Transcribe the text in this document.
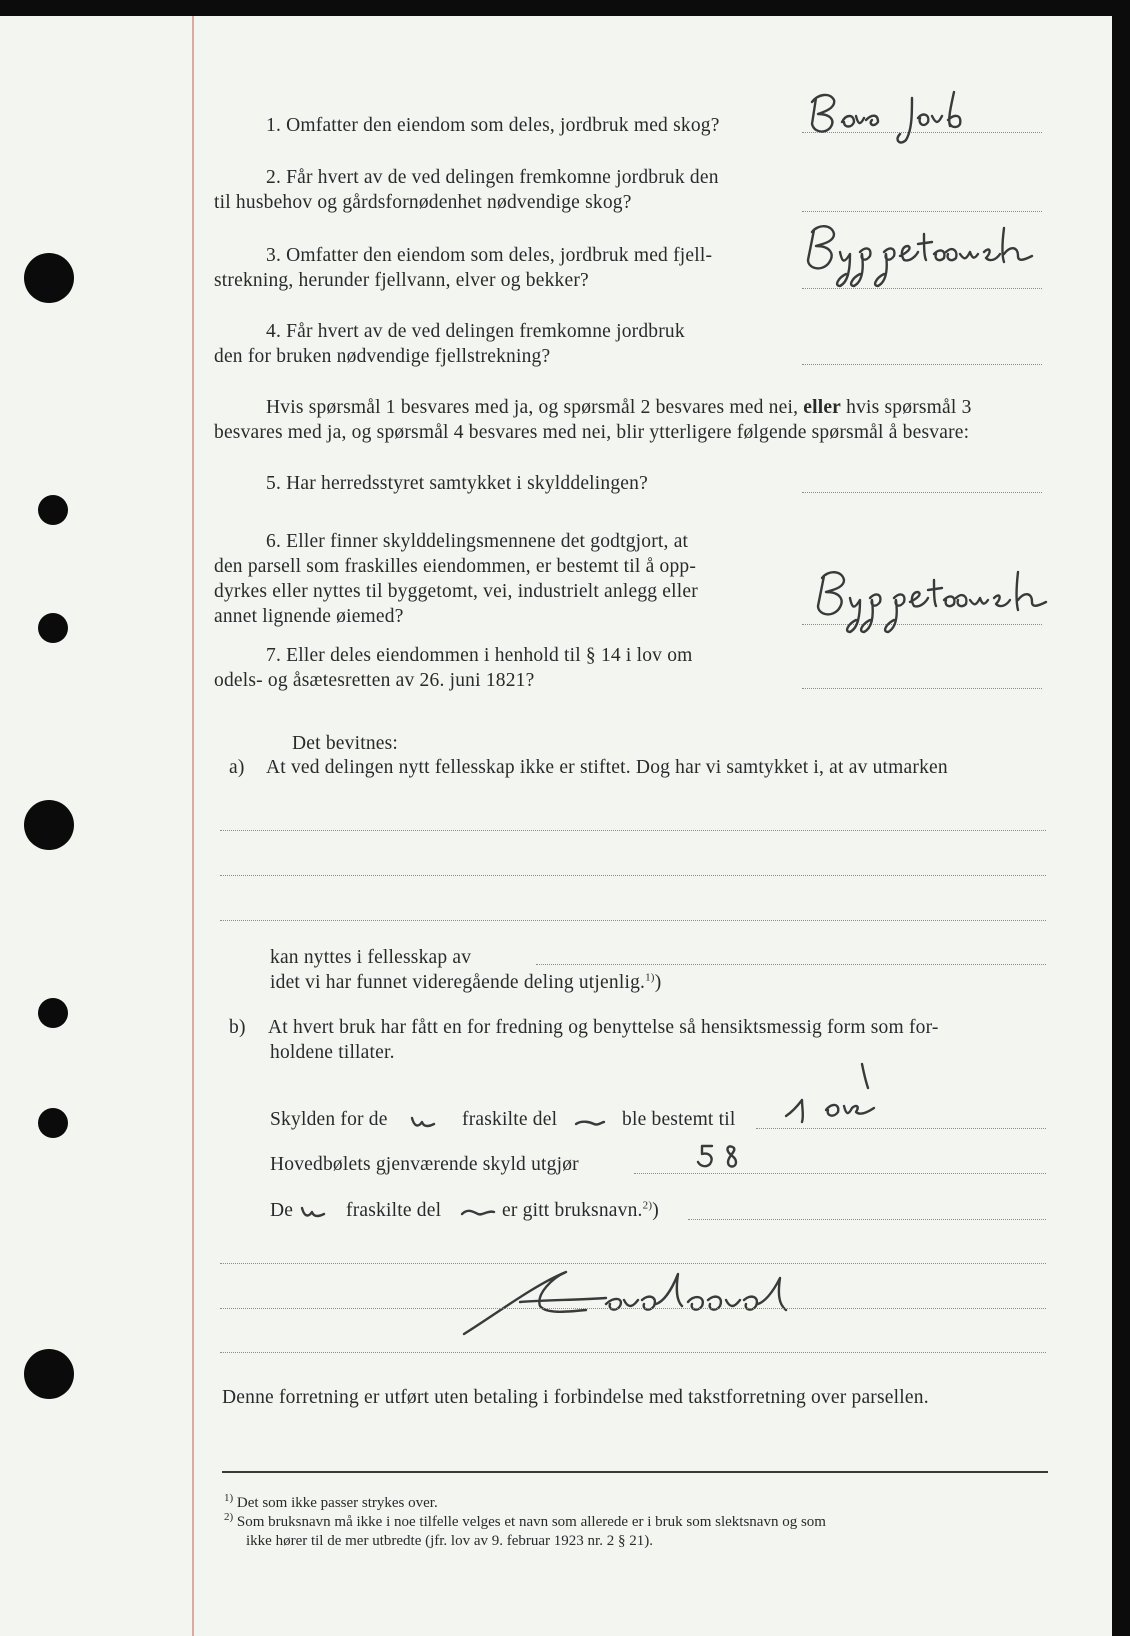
1. Omfatter den eiendom som deles, jordbruk med skog?
2. Får hvert av de ved delingen fremkomne jordbruk den
til husbehov og gårdsfornødenhet nødvendige skog?
3. Omfatter den eiendom som deles, jordbruk med fjell-
strekning, herunder fjellvann, elver og bekker?
4. Får hvert av de ved delingen fremkomne jordbruk
den for bruken nødvendige fjellstrekning?
Hvis spørsmål 1 besvares med ja, og spørsmål 2 besvares med nei, eller hvis spørsmål 3
besvares med ja, og spørsmål 4 besvares med nei, blir ytterligere følgende spørsmål å besvare:
5. Har herredsstyret samtykket i skylddelingen?
6. Eller finner skylddelingsmennene det godtgjort, at
den parsell som fraskilles eiendommen, er bestemt til å opp-
dyrkes eller nyttes til byggetomt, vei, industrielt anlegg eller
annet lignende øiemed?
7. Eller deles eiendommen i henhold til § 14 i lov om
odels- og åsætesretten av 26. juni 1821?
Det bevitnes:
a) At ved delingen nytt fellesskap ikke er stiftet. Dog har vi samtykket i, at av utmarken
kan nyttes i fellesskap av
idet vi har funnet videregående deling utjenlig.$^{1)}$)
b) At hvert bruk har fått en for fredning og benyttelse så hensiktsmessig form som for-
holdene tillater.
Skylden for de	fraskilte del	ble bestemt til
Hovedbølets gjenværende skyld utgjør
De	fraskilte del	er gitt bruksnavn.$^{2)}$)
Denne forretning er utført uten betaling i forbindelse med takstforretning over parsellen.
$^{1)}$ Det som ikke passer strykes over.
$^{2)}$ Som bruksnavn må ikke i noe tilfelle velges et navn som allerede er i bruk som slektsnavn og som
ikke hører til de mer utbredte (jfr. lov av 9. februar 1923 nr. 2 § 21).
